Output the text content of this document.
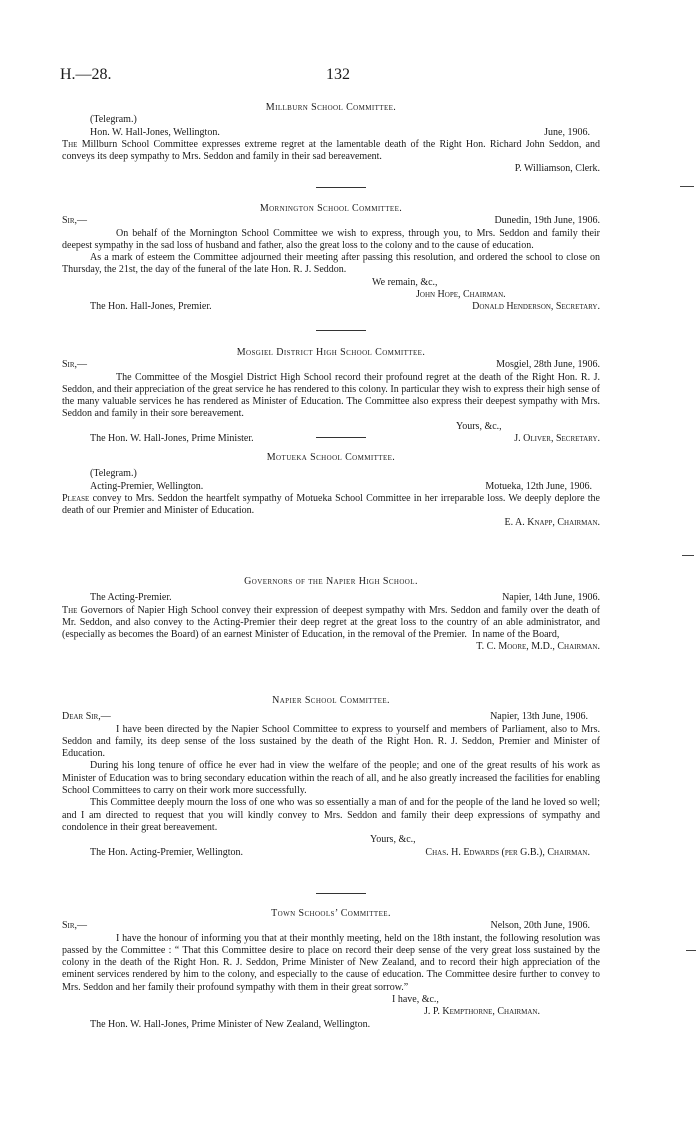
H.—28.	132

Millburn School Committee.

(Telegram.)

Hon. W. Hall-Jones, Wellington.	June, 1906.

The Millburn School Committee expresses extreme regret at the lamentable death of the Right Hon. Richard John Seddon, and conveys its deep sympathy to Mrs. Seddon and family in their sad bereavement.

P. Williamson, Clerk.

Mornington School Committee.

Sir,—	Dunedin, 19th June, 1906.

On behalf of the Mornington School Committee we wish to express, through you, to Mrs. Seddon and family their deepest sympathy in the sad loss of husband and father, also the great loss to the colony and to the cause of education.

As a mark of esteem the Committee adjourned their meeting after passing this resolution, and ordered the school to close on Thursday, the 21st, the day of the funeral of the late Hon. R. J. Seddon.

We remain, &c.,

John Hope, Chairman.

The Hon. Hall-Jones, Premier.	Donald Henderson, Secretary.

Mosgiel District High School Committee.

Sir,—	Mosgiel, 28th June, 1906.

The Committee of the Mosgiel District High School record their profound regret at the death of the Right Hon. R. J. Seddon, and their appreciation of the great service he has rendered to this colony. In particular they wish to express their high sense of the many valuable services he has rendered as Minister of Education. The Committee also express their deepest sympathy with Mrs. Seddon and family in their sore bereavement.

Yours, &c.,

The Hon. W. Hall-Jones, Prime Minister.	J. Oliver, Secretary.

Motueka School Committee.

(Telegram.)

Acting-Premier, Wellington.	Motueka, 12th June, 1906.

Please convey to Mrs. Seddon the heartfelt sympathy of Motueka School Committee in her irreparable loss. We deeply deplore the death of our Premier and Minister of Education.

E. A. Knapp, Chairman.

Governors of the Napier High School.

The Acting-Premier.	Napier, 14th June, 1906.

The Governors of Napier High School convey their expression of deepest sympathy with Mrs. Seddon and family over the death of Mr. Seddon, and also convey to the Acting-Premier their deep regret at the great loss to the country of an able administrator, and (especially as becomes the Board) of an earnest Minister of Education, in the removal of the Premier. In name of the Board,

T. C. Moore, M.D., Chairman.

Napier School Committee.

Dear Sir,—	Napier, 13th June, 1906.

I have been directed by the Napier School Committee to express to yourself and members of Parliament, also to Mrs. Seddon and family, its deep sense of the loss sustained by the death of the Right Hon. R. J. Seddon, Premier and Minister of Education.

During his long tenure of office he ever had in view the welfare of the people; and one of the great results of his work as Minister of Education was to bring secondary education within the reach of all, and he also greatly increased the facilities for enabling School Committees to carry on their work more successfully.

This Committee deeply mourn the loss of one who was so essentially a man of and for the people of the land he loved so well; and I am directed to request that you will kindly convey to Mrs. Seddon and family their deep expressions of sympathy and condolence in their great bereavement.

Yours, &c.,

The Hon. Acting-Premier, Wellington.	Chas. H. Edwards (per G.B.), Chairman.

Town Schools’ Committee.

Sir,—	Nelson, 20th June, 1906.

I have the honour of informing you that at their monthly meeting, held on the 18th instant, the following resolution was passed by the Committee : “ That this Committee desire to place on record their deep sense of the very great loss sustained by the colony in the death of the Right Hon. R. J. Seddon, Prime Minister of New Zealand, and to record their high appreciation of the eminent services rendered by him to the colony, and especially to the cause of education. The Committee desire further to convey to Mrs. Seddon and her family their profound sympathy with them in their great sorrow.”

I have, &c.,

J. P. Kempthorne, Chairman.

The Hon. W. Hall-Jones, Prime Minister of New Zealand, Wellington.
